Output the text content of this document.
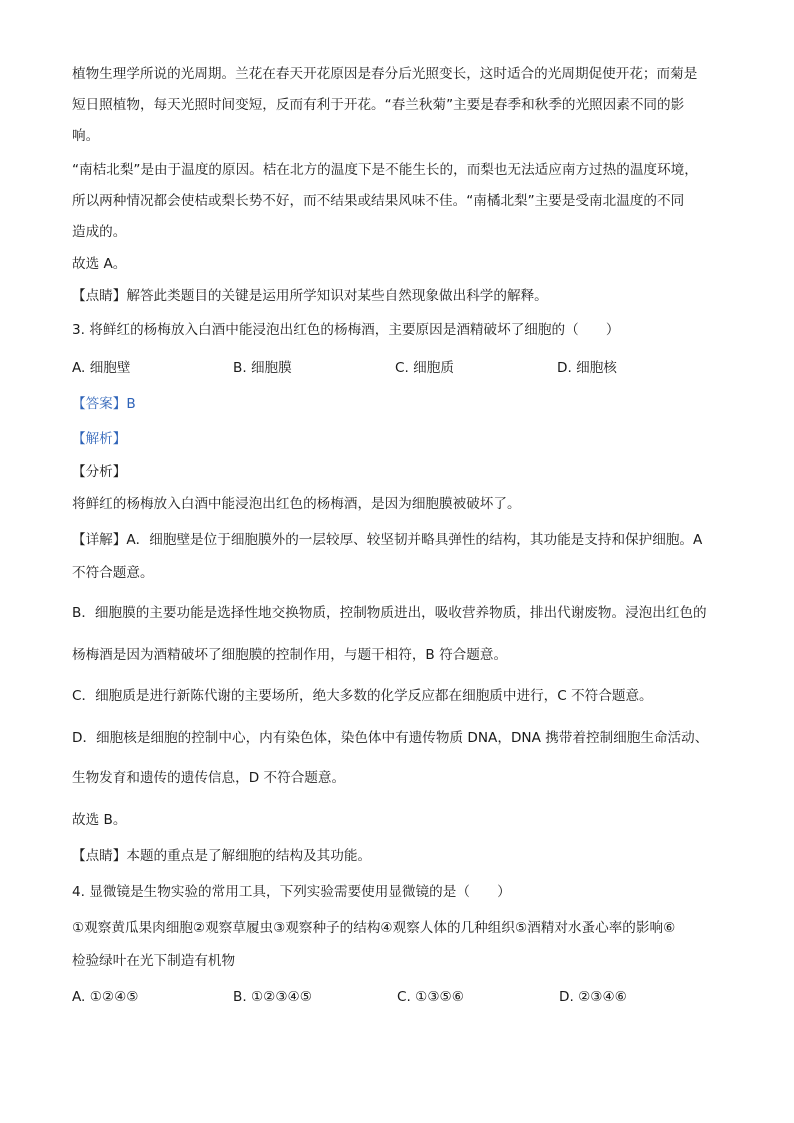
植物生理学所说的光周期。兰花在春天开花原因是春分后光照变长，这时适合的光周期促使开花；而菊是
短日照植物，每天光照时间变短，反而有利于开花。“春兰秋菊”主要是春季和秋季的光照因素不同的影
响。
“南桔北梨”是由于温度的原因。桔在北方的温度下是不能生长的，而梨也无法适应南方过热的温度环境，
所以两种情况都会使桔或梨长势不好，而不结果或结果风味不佳。“南橘北梨”主要是受南北温度的不同
造成的。
故选 A。
【点睛】解答此类题目的关键是运用所学知识对某些自然现象做出科学的解释。
3. 将鲜红的杨梅放入白酒中能浸泡出红色的杨梅酒，主要原因是酒精破坏了细胞的（　　）
A. 细胞壁	B. 细胞膜	C. 细胞质	D. 细胞核
【答案】B
【解析】
【分析】
将鲜红的杨梅放入白酒中能浸泡出红色的杨梅酒，是因为细胞膜被破坏了。
【详解】A．细胞壁是位于细胞膜外的一层较厚、较坚韧并略具弹性的结构，其功能是支持和保护细胞。A
不符合题意。
B．细胞膜的主要功能是选择性地交换物质，控制物质进出，吸收营养物质，排出代谢废物。浸泡出红色的
杨梅酒是因为酒精破坏了细胞膜的控制作用，与题干相符，B 符合题意。
C．细胞质是进行新陈代谢的主要场所，绝大多数的化学反应都在细胞质中进行，C 不符合题意。
D．细胞核是细胞的控制中心，内有染色体，染色体中有遗传物质 DNA，DNA 携带着控制细胞生命活动、
生物发育和遗传的遗传信息，D 不符合题意。
故选 B。
【点睛】本题的重点是了解细胞的结构及其功能。
4. 显微镜是生物实验的常用工具，下列实验需要使用显微镜的是（　　）
①观察黄瓜果肉细胞②观察草履虫③观察种子的结构④观察人体的几种组织⑤酒精对水蚤心率的影响⑥
检验绿叶在光下制造有机物
A. ①②④⑤	B. ①②③④⑤	C. ①③⑤⑥	D. ②③④⑥
